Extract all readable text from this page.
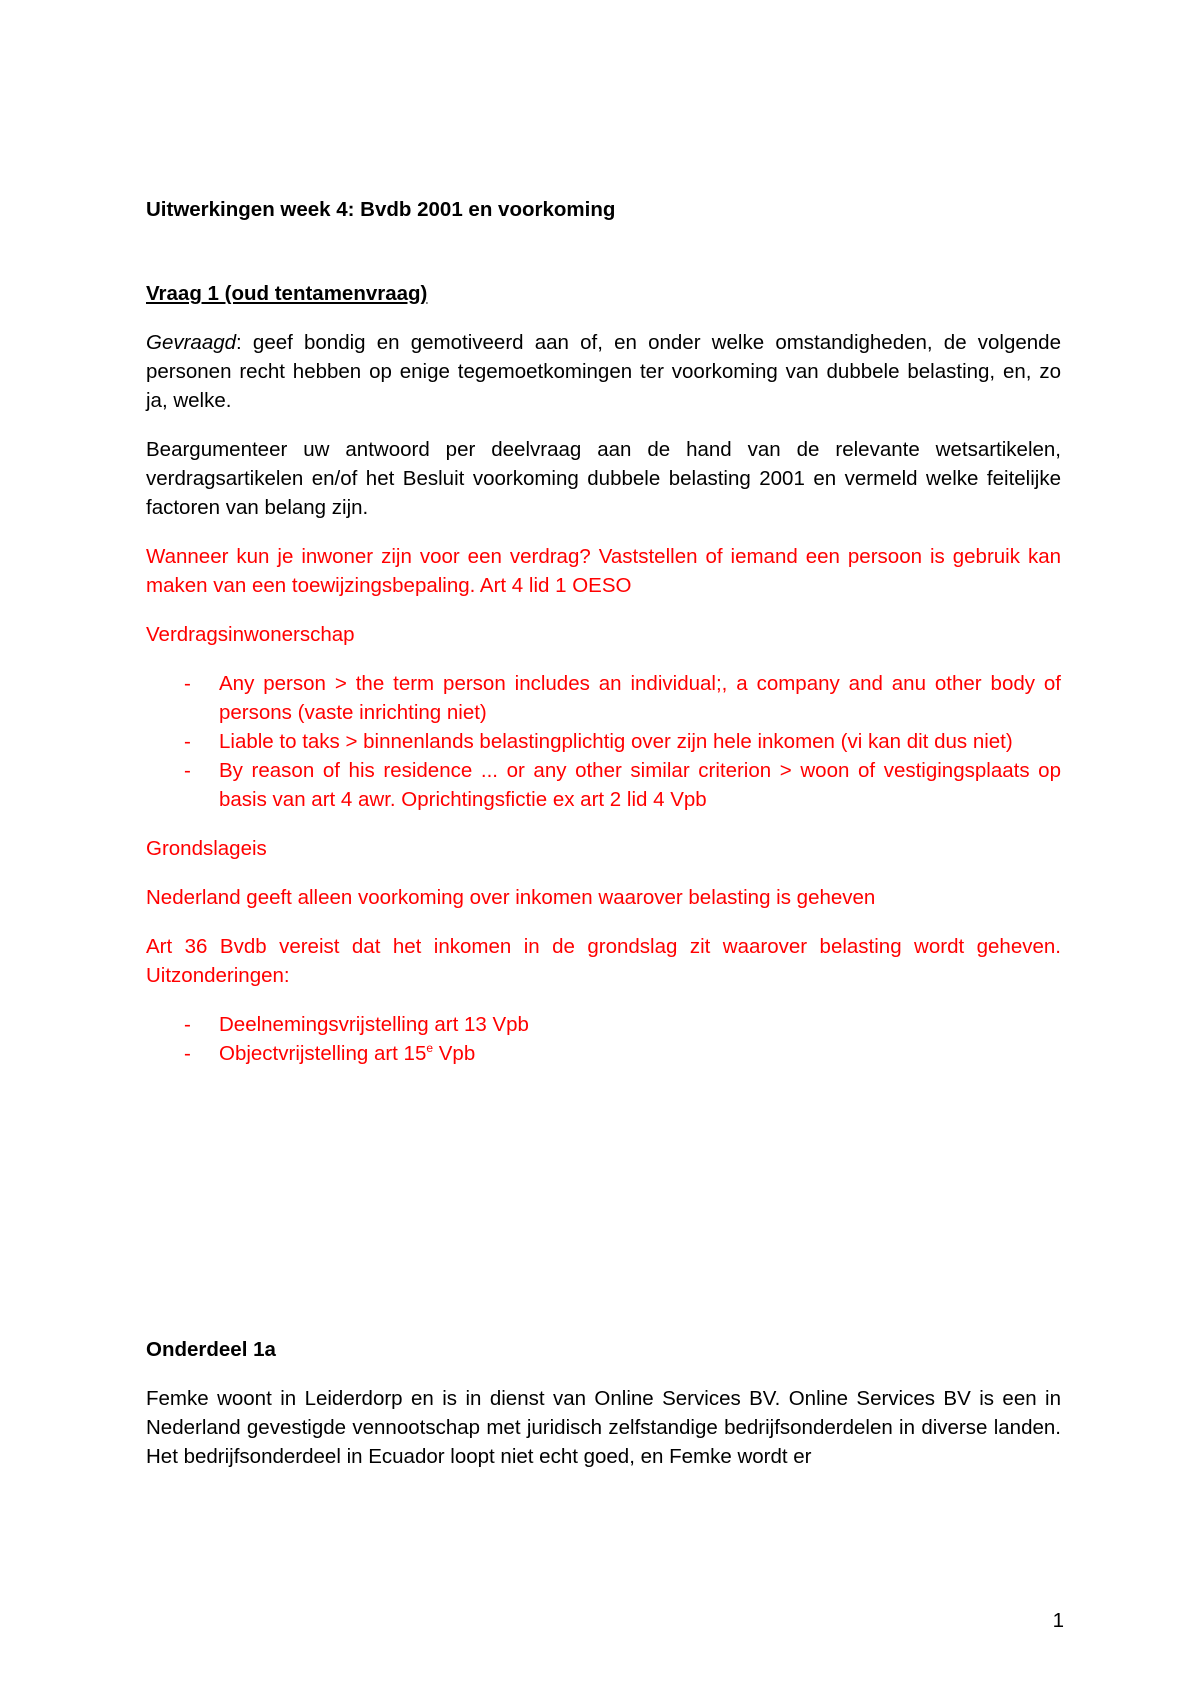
Uitwerkingen week 4: Bvdb 2001 en voorkoming

Vraag 1 (oud tentamenvraag)

Gevraagd: geef bondig en gemotiveerd aan of, en onder welke omstandigheden, de volgende personen recht hebben op enige tegemoetkomingen ter voorkoming van dubbele belasting, en, zo ja, welke.

Beargumenteer uw antwoord per deelvraag aan de hand van de relevante wetsartikelen, verdragsartikelen en/of het Besluit voorkoming dubbele belasting 2001 en vermeld welke feitelijke factoren van belang zijn.

Wanneer kun je inwoner zijn voor een verdrag? Vaststellen of iemand een persoon is gebruik kan maken van een toewijzingsbepaling. Art 4 lid 1 OESO

Verdragsinwonerschap

- Any person > the term person includes an individual;, a company and anu other body of persons (vaste inrichting niet)
- Liable to taks > binnenlands belastingplichtig over zijn hele inkomen (vi kan dit dus niet)
- By reason of his residence ... or any other similar criterion > woon of vestigingsplaats op basis van art 4 awr. Oprichtingsfictie ex art 2 lid 4 Vpb

Grondslageis

Nederland geeft alleen voorkoming over inkomen waarover belasting is geheven

Art 36 Bvdb vereist dat het inkomen in de grondslag zit waarover belasting wordt geheven. Uitzonderingen:

- Deelnemingsvrijstelling art 13 Vpb
- Objectvrijstelling art 15e Vpb

Onderdeel 1a

Femke woont in Leiderdorp en is in dienst van Online Services BV. Online Services BV is een in Nederland gevestigde vennootschap met juridisch zelfstandige bedrijfsonderdelen in diverse landen. Het bedrijfsonderdeel in Ecuador loopt niet echt goed, en Femke wordt er

1
